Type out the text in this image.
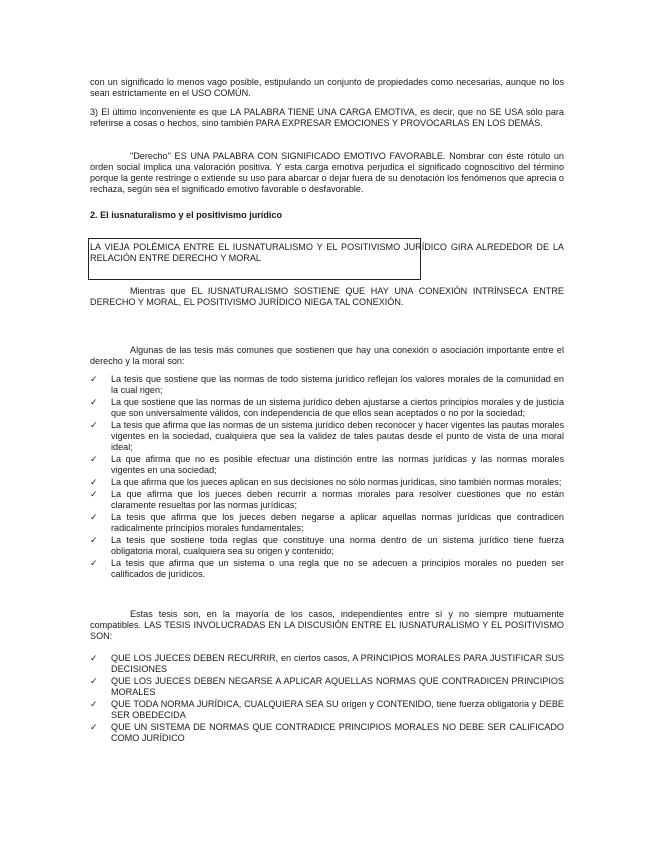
con un significado lo menos vago posible, estipulando un conjunto de propiedades como necesarias, aunque no los sean estrictamente en el USO COMÚN.

3) El último inconveniente es que LA PALABRA TIENE UNA CARGA EMOTIVA, es decir, que no SE USA sólo para referirse a cosas o hechos, sino también PARA EXPRESAR EMOCIONES Y PROVOCARLAS EN LOS DEMÁS.

"Derecho" ES UNA PALABRA CON SIGNIFICADO EMOTIVO FAVORABLE. Nombrar con éste rótulo un orden social implica una valoración positiva. Y esta carga emotiva perjudica el significado cognoscitivo del término porque la gente restringe o extiende su uso para abarcar o dejar fuera de su denotación los fenómenos que aprecia o rechaza, según sea el significado emotivo favorable o desfavorable.

2. El iusnaturalismo y el positivismo jurídico

LA VIEJA POLÉMICA ENTRE EL IUSNATURALISMO Y EL POSITIVISMO JURÍDICO GIRA ALREDEDOR DE LA RELACIÓN ENTRE DERECHO Y MORAL

Mientras que EL IUSNATURALISMO SOSTIENE QUE HAY UNA CONEXIÓN INTRÍNSECA ENTRE DERECHO Y MORAL, EL POSITIVISMO JURÍDICO NIEGA TAL CONEXIÓN.

Algunas de las tesis más comunes que sostienen que hay una conexión o asociación importante entre el derecho y la moral son:

✓ La tesis que sostiene que las normas de todo sistema jurídico reflejan los valores morales de la comunidad en la cual rigen;
✓ La que sostiene que las normas de un sistema jurídico deben ajustarse a ciertos principios morales y de justicia que son universalmente válidos, con independencia de que ellos sean aceptados o no por la sociedad;
✓ La tesis que afirma que las normas de un sistema jurídico deben reconocer y hacer vigentes las pautas morales vigentes en la sociedad, cualquiera que sea la validez de tales pautas desde el punto de vista de una moral ideal;
✓ La que afirma que no es posible efectuar una distinción entre las normas jurídicas y las normas morales vigentes en una sociedad;
✓ La que afirma que los jueces aplican en sus decisiones no sólo normas jurídicas, sino también normas morales;
✓ La que afirma que los jueces deben recurrir a normas morales para resolver cuestiones que no están claramente resueltas por las normas jurídicas;
✓ La tesis que afirma que los jueces deben negarse a aplicar aquellas normas jurídicas que contradicen radicalmente principios morales fundamentales;
✓ La tesis que sostiene toda reglas que constituye una norma dentro de un sistema jurídico tiene fuerza obligatoria moral, cualquiera sea su origen y contenido;
✓ La tesis que afirma que un sistema o una regla que no se adecuen a principios morales no pueden ser calificados de jurídicos.

Estas tesis son, en la mayoría de los casos, independientes entre sí y no siempre mutuamente compatibles. LAS TESIS INVOLUCRADAS EN LA DISCUSIÓN ENTRE EL IUSNATURALISMO Y EL POSITIVISMO SON:

✓ QUE LOS JUECES DEBEN RECURRIR, en ciertos casos, A PRINCIPIOS MORALES PARA JUSTIFICAR SUS DECISIONES
✓ QUE LOS JUECES DEBEN NEGARSE A APLICAR AQUELLAS NORMAS QUE CONTRADICEN PRINCIPIOS MORALES
✓ QUE TODA NORMA JURÍDICA, CUALQUIERA SEA SU origen y CONTENIDO, tiene fuerza obligatoria y DEBE SER OBEDECIDA
✓ QUE UN SISTEMA DE NORMAS QUE CONTRADICE PRINCIPIOS MORALES NO DEBE SER CALIFICADO COMO JURÍDICO
